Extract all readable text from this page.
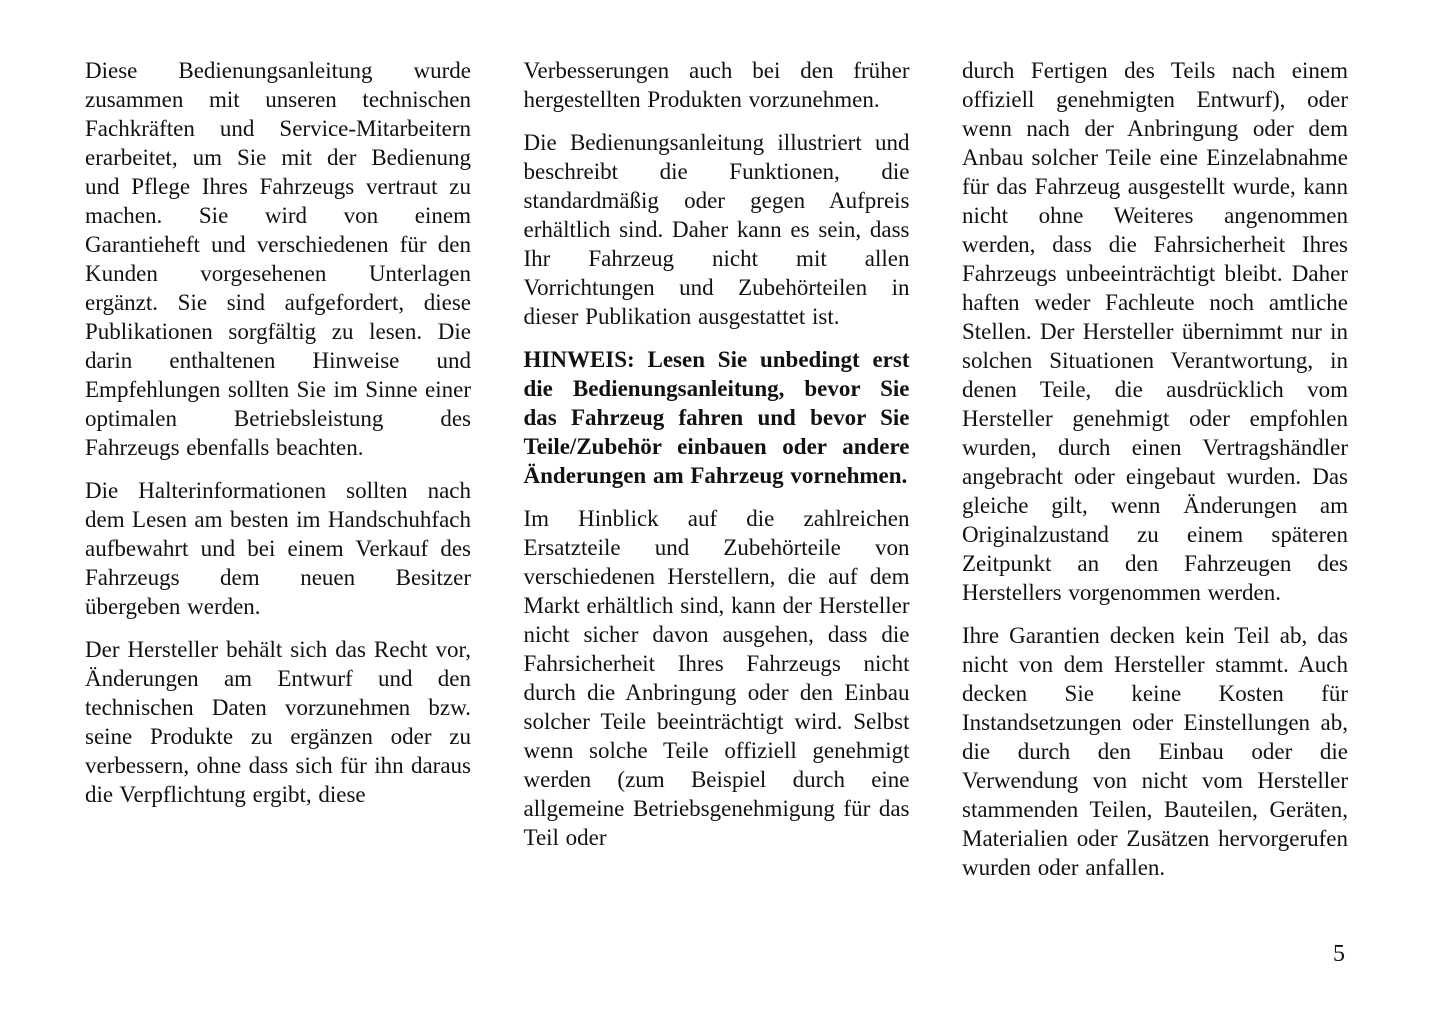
Diese Bedienungsanleitung wurde zusammen mit unseren technischen Fachkräften und Service-Mitarbeitern erarbeitet, um Sie mit der Bedienung und Pflege Ihres Fahrzeugs vertraut zu machen. Sie wird von einem Garantieheft und verschiedenen für den Kunden vorgesehenen Unterlagen ergänzt. Sie sind aufgefordert, diese Publikationen sorgfältig zu lesen. Die darin enthaltenen Hinweise und Empfehlungen sollten Sie im Sinne einer optimalen Betriebsleistung des Fahrzeugs ebenfalls beachten.

Die Halterinformationen sollten nach dem Lesen am besten im Handschuhfach aufbewahrt und bei einem Verkauf des Fahrzeugs dem neuen Besitzer übergeben werden.

Der Hersteller behält sich das Recht vor, Änderungen am Entwurf und den technischen Daten vorzunehmen bzw. seine Produkte zu ergänzen oder zu verbessern, ohne dass sich für ihn daraus die Verpflichtung ergibt, diese

Verbesserungen auch bei den früher hergestellten Produkten vorzunehmen.

Die Bedienungsanleitung illustriert und beschreibt die Funktionen, die standardmäßig oder gegen Aufpreis erhältlich sind. Daher kann es sein, dass Ihr Fahrzeug nicht mit allen Vorrichtungen und Zubehörteilen in dieser Publikation ausgestattet ist.

HINWEIS: Lesen Sie unbedingt erst die Bedienungsanleitung, bevor Sie das Fahrzeug fahren und bevor Sie Teile/Zubehör einbauen oder andere Änderungen am Fahrzeug vornehmen.

Im Hinblick auf die zahlreichen Ersatzteile und Zubehörteile von verschiedenen Herstellern, die auf dem Markt erhältlich sind, kann der Hersteller nicht sicher davon ausgehen, dass die Fahrsicherheit Ihres Fahrzeugs nicht durch die Anbringung oder den Einbau solcher Teile beeinträchtigt wird. Selbst wenn solche Teile offiziell genehmigt werden (zum Beispiel durch eine allgemeine Betriebsgenehmigung für das Teil oder

durch Fertigen des Teils nach einem offiziell genehmigten Entwurf), oder wenn nach der Anbringung oder dem Anbau solcher Teile eine Einzelabnahme für das Fahrzeug ausgestellt wurde, kann nicht ohne Weiteres angenommen werden, dass die Fahrsicherheit Ihres Fahrzeugs unbeeinträchtigt bleibt. Daher haften weder Fachleute noch amtliche Stellen. Der Hersteller übernimmt nur in solchen Situationen Verantwortung, in denen Teile, die ausdrücklich vom Hersteller genehmigt oder empfohlen wurden, durch einen Vertragshändler angebracht oder eingebaut wurden. Das gleiche gilt, wenn Änderungen am Originalzustand zu einem späteren Zeitpunkt an den Fahrzeugen des Herstellers vorgenommen werden.

Ihre Garantien decken kein Teil ab, das nicht von dem Hersteller stammt. Auch decken Sie keine Kosten für Instandsetzungen oder Einstellungen ab, die durch den Einbau oder die Verwendung von nicht vom Hersteller stammenden Teilen, Bauteilen, Geräten, Materialien oder Zusätzen hervorgerufen wurden oder anfallen.

5
